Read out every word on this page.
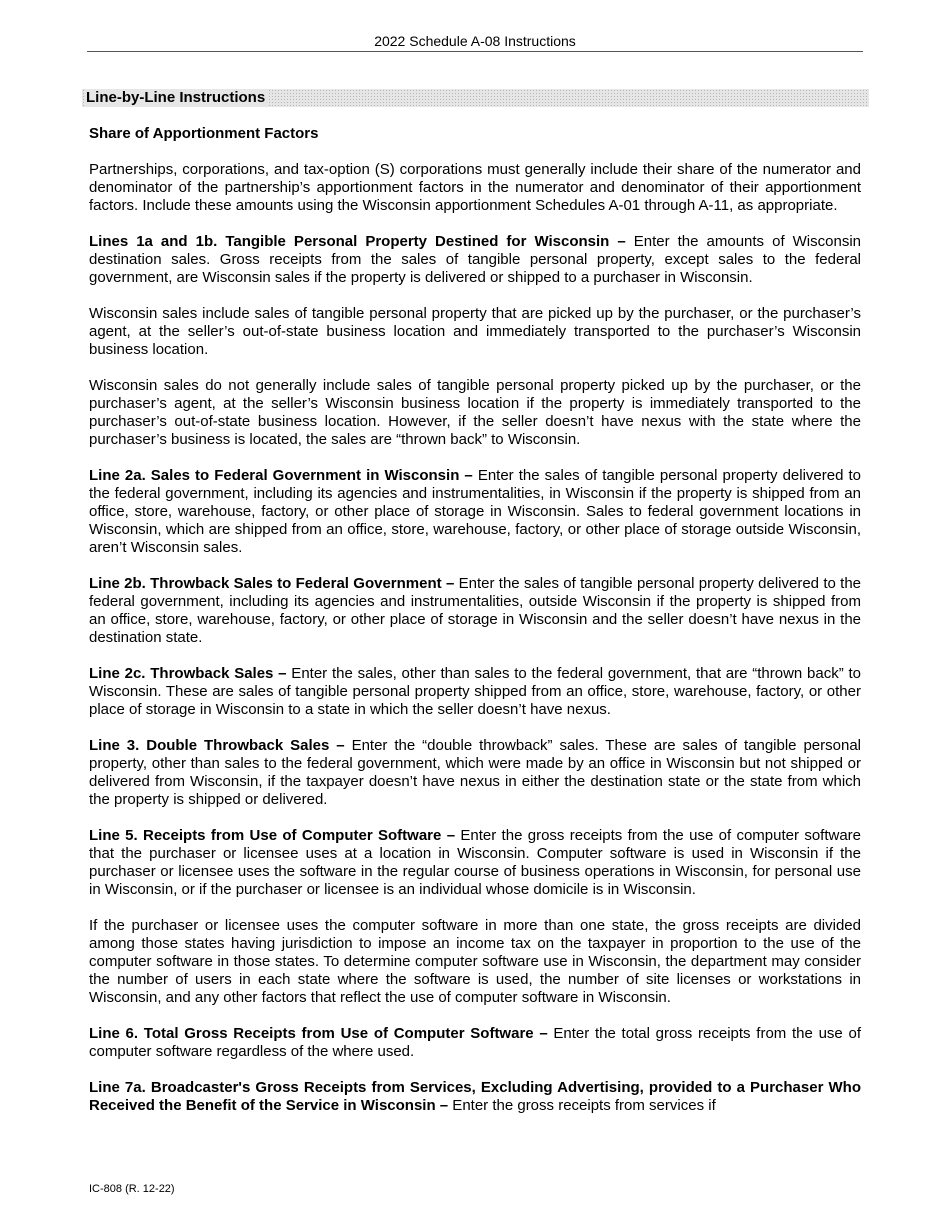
2022 Schedule A-08 Instructions
Line-by-Line Instructions
Share of Apportionment Factors

Partnerships, corporations, and tax-option (S) corporations must generally include their share of the numerator and denominator of the partnership’s apportionment factors in the numerator and denominator of their apportionment factors. Include these amounts using the Wisconsin apportionment Schedules A-01 through A-11, as appropriate.

Lines 1a and 1b. Tangible Personal Property Destined for Wisconsin – Enter the amounts of Wisconsin destination sales. Gross receipts from the sales of tangible personal property, except sales to the federal government, are Wisconsin sales if the property is delivered or shipped to a purchaser in Wisconsin.

Wisconsin sales include sales of tangible personal property that are picked up by the purchaser, or the purchaser’s agent, at the seller’s out-of-state business location and immediately transported to the purchaser’s Wisconsin business location.

Wisconsin sales do not generally include sales of tangible personal property picked up by the purchaser, or the purchaser’s agent, at the seller’s Wisconsin business location if the property is immediately transported to the purchaser’s out-of-state business location. However, if the seller doesn’t have nexus with the state where the purchaser’s business is located, the sales are “thrown back” to Wisconsin.

Line 2a. Sales to Federal Government in Wisconsin – Enter the sales of tangible personal property delivered to the federal government, including its agencies and instrumentalities, in Wisconsin if the property is shipped from an office, store, warehouse, factory, or other place of storage in Wisconsin. Sales to federal government locations in Wisconsin, which are shipped from an office, store, warehouse, factory, or other place of storage outside Wisconsin, aren’t Wisconsin sales.

Line 2b. Throwback Sales to Federal Government – Enter the sales of tangible personal property delivered to the federal government, including its agencies and instrumentalities, outside Wisconsin if the property is shipped from an office, store, warehouse, factory, or other place of storage in Wisconsin and the seller doesn’t have nexus in the destination state.

Line 2c. Throwback Sales – Enter the sales, other than sales to the federal government, that are “thrown back” to Wisconsin. These are sales of tangible personal property shipped from an office, store, warehouse, factory, or other place of storage in Wisconsin to a state in which the seller doesn’t have nexus.

Line 3. Double Throwback Sales – Enter the “double throwback” sales. These are sales of tangible personal property, other than sales to the federal government, which were made by an office in Wisconsin but not shipped or delivered from Wisconsin, if the taxpayer doesn’t have nexus in either the destination state or the state from which the property is shipped or delivered.

Line 5. Receipts from Use of Computer Software – Enter the gross receipts from the use of computer software that the purchaser or licensee uses at a location in Wisconsin. Computer software is used in Wisconsin if the purchaser or licensee uses the software in the regular course of business operations in Wisconsin, for personal use in Wisconsin, or if the purchaser or licensee is an individual whose domicile is in Wisconsin.

If the purchaser or licensee uses the computer software in more than one state, the gross receipts are divided among those states having jurisdiction to impose an income tax on the taxpayer in proportion to the use of the computer software in those states. To determine computer software use in Wisconsin, the department may consider the number of users in each state where the software is used, the number of site licenses or workstations in Wisconsin, and any other factors that reflect the use of computer software in Wisconsin.

Line 6. Total Gross Receipts from Use of Computer Software – Enter the total gross receipts from the use of computer software regardless of the where used.

Line 7a. Broadcaster's Gross Receipts from Services, Excluding Advertising, provided to a Purchaser Who Received the Benefit of the Service in Wisconsin – Enter the gross receipts from services if

IC-808 (R. 12-22)
